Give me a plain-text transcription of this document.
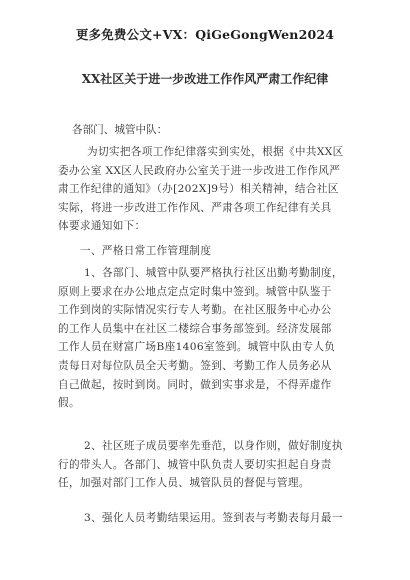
更多免费公文+VX：QiGeGongWen2024
XX社区关于进一步改进工作作风严肃工作纪律
各部门、城管中队：
为切实把各项工作纪律落实到实处，根据《中共XX区
委办公室 XX区人民政府办公室关于进一步改进工作作风严
肃工作纪律的通知》（办[202X]9号）相关精神，结合社区
实际，将进一步改进工作作风、严肃各项工作纪律有关具
体要求通知如下：
一、严格日常工作管理制度
1、各部门、城管中队要严格执行社区出勤考勤制度，
原则上要求在办公地点定点定时集中签到。城管中队鉴于
工作到岗的实际情况实行专人考勤。在社区服务中心办公
的工作人员集中在社区二楼综合事务部签到。经济发展部
工作人员在财富广场B座1406室签到。城管中队由专人负
责每日对每位队员全天考勤。签到、考勤工作人员务必从
自己做起，按时到岗。同时，做到实事求是，不得弄虚作
假。
2、社区班子成员要率先垂范，以身作则，做好制度执
行的带头人。各部门、城管中队负责人要切实担起自身责
任，加强对部门工作人员、城管队员的督促与管理。
3、强化人员考勤结果运用。签到表与考勤表每月最一
